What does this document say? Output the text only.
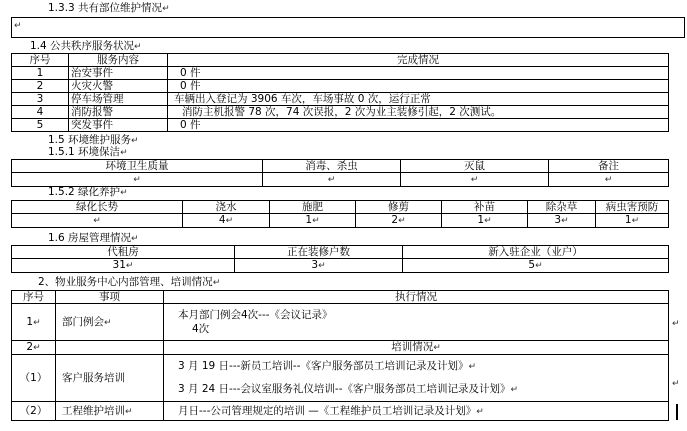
1.3.3 共有部位维护情况↵
↵
1.4 公共秩序服务状况↵
序号	服务内容	完成情况
1	治安事件	0 件
2	火灾火警	0 件
3	停车场管理	车辆出入登记为 3906 车次，车场事故 0 次，运行正常
4	消防报警	消防主机报警 78 次，74 次误报，2 次为业主装修引起，2 次测试。
5	突发事件	0 件
1.5 环境维护服务↵
1.5.1 环境保洁↵
环境卫生质量	消毒、杀虫	灭鼠	备注
↵	↵	↵	↵
1.5.2 绿化养护↵
绿化长势	浇水	施肥	修剪	补苗	除杂草	病虫害预防
↵	4↵	1↵	2↵	1↵	3↵	1↵
1.6 房屋管理情况↵
代租房	正在装修户数	新入驻企业（业户）
31↵	3↵	5↵
2、物业服务中心内部管理、培训情况↵
序号	事项	执行情况
1↵	部门例会↵	本月部门例会4次---《会议记录》
4次

2↵		培训情况↵
（1）	客户服务培训	3 月 19 日---新员工培训--《客户服务部员工培训记录及计划》↵
3 月 24 日---会议室服务礼仪培训--《客户服务部员工培训记录及计划》↵

（2）	工程维护培训↵	月日---公司管理规定的培训 —《工程维护员工培训记录及计划》↵
↵
↵
